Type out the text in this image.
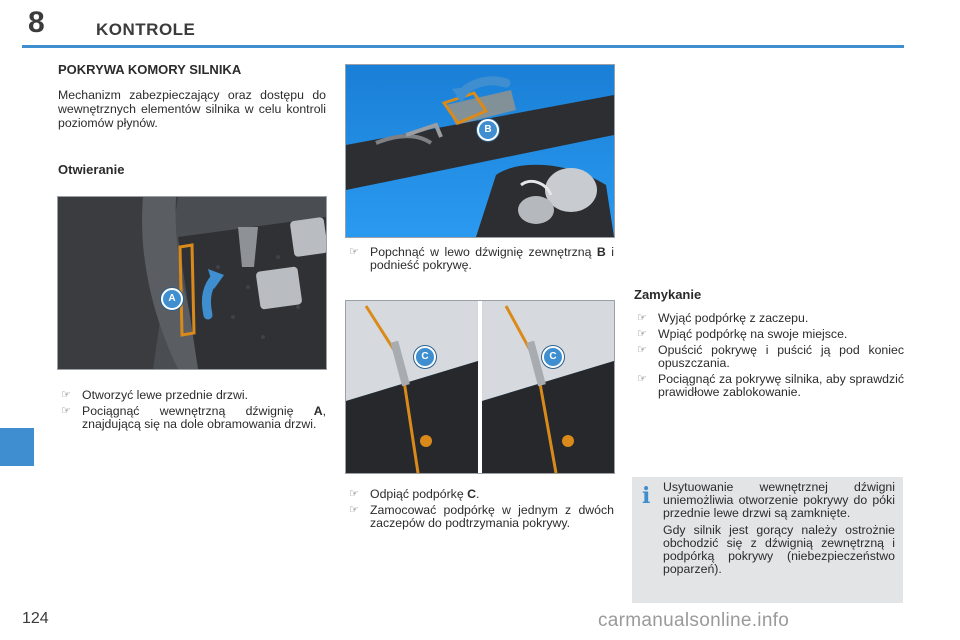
8	KONTROLE
POKRYWA KOMORY SILNIKA

Mechanizm zabezpieczający oraz dostępu do wewnętrznych elementów silnika w celu kontroli poziomów płynów.

Otwieranie
A
☞ Otworzyć lewe przednie drzwi.
☞ Pociągnąć wewnętrzną dźwignię A, znajdującą się na dole obramowania drzwi.
B
☞ Popchnąć w lewo dźwignię zewnętrzną B i podnieść pokrywę.
C	C
☞ Odpiąć podpórkę C.
☞ Zamocować podpórkę w jednym z dwóch zaczepów do podtrzymania pokrywy.
Zamykanie
☞ Wyjąć podpórkę z zaczepu.
☞ Wpiąć podpórkę na swoje miejsce.
☞ Opuścić pokrywę i puścić ją pod koniec opuszczania.
☞ Pociągnąć za pokrywę silnika, aby sprawdzić prawidłowe zablokowanie.
i Usytuowanie wewnętrznej dźwigni uniemożliwia otworzenie pokrywy do póki przednie lewe drzwi są zamknięte.

Gdy silnik jest gorący należy ostrożnie obchodzić się z dźwignią zewnętrzną i podpórką pokrywy (niebezpieczeństwo poparzeń).

124	carmanualsonline.info
